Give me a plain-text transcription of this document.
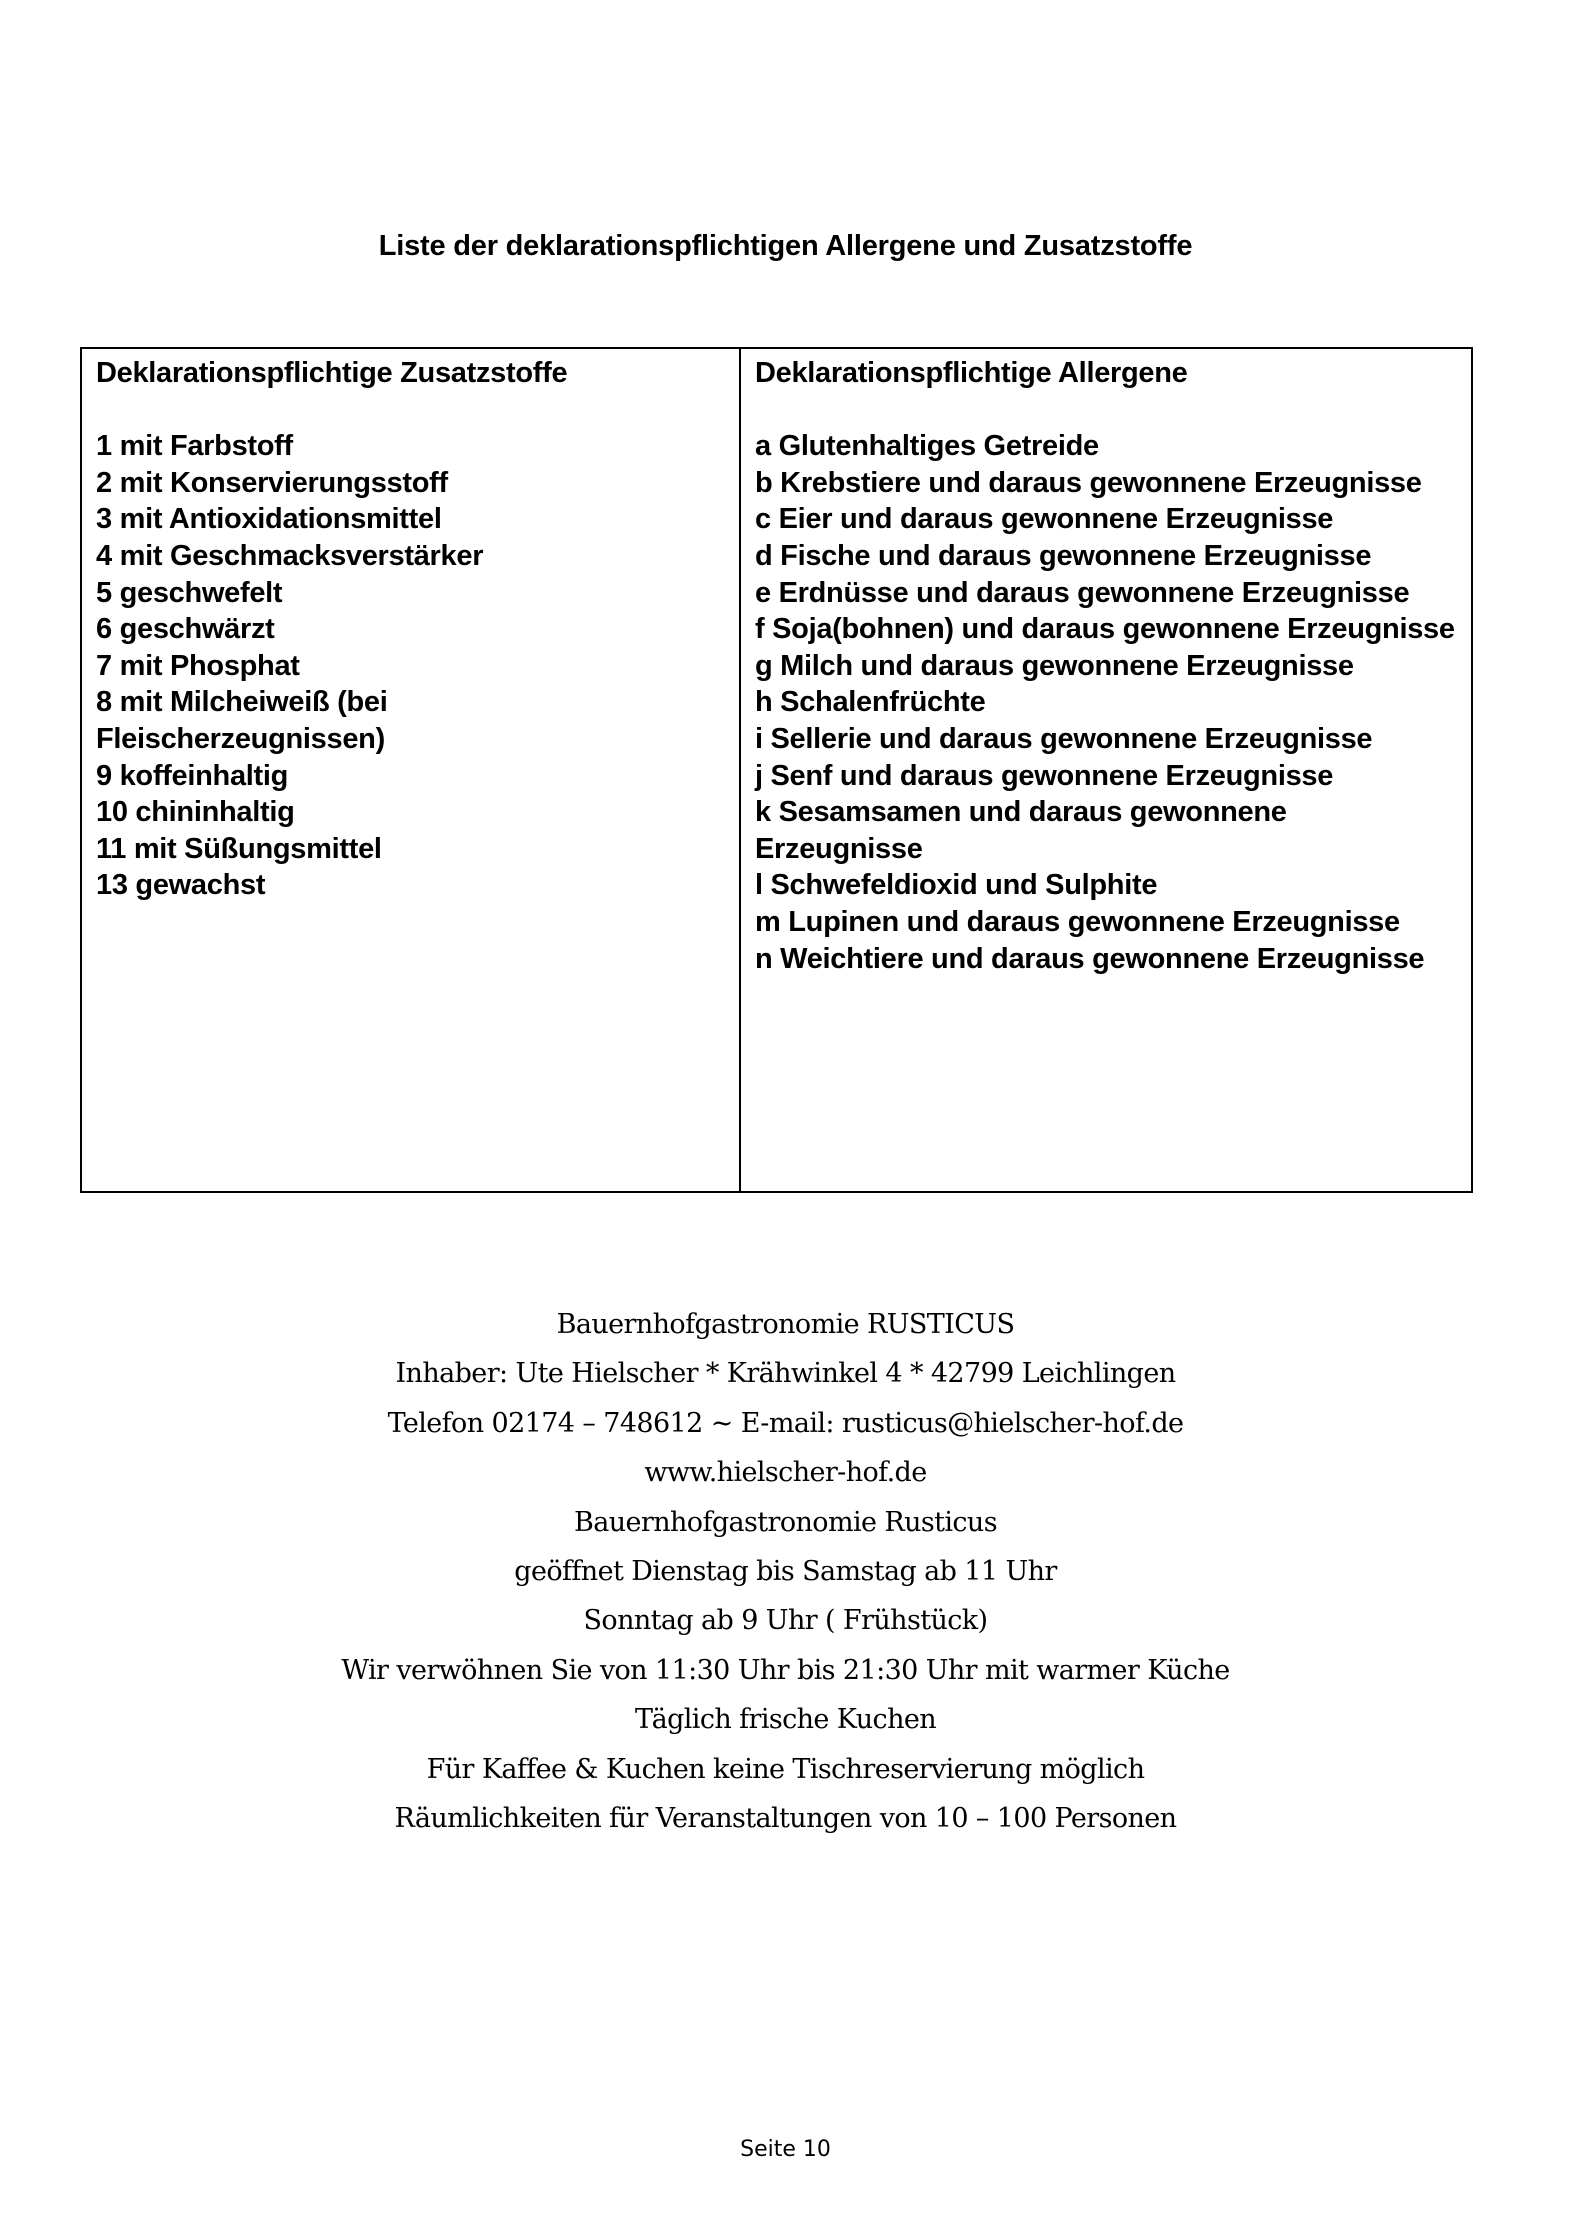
Liste der deklarationspflichtigen Allergene und Zusatzstoffe
Deklarationspflichtige Zusatzstoffe
1 mit Farbstoff
2 mit Konservierungsstoff
3 mit Antioxidationsmittel
4 mit Geschmacksverstärker
5 geschwefelt
6 geschwärzt
7 mit Phosphat
8 mit Milcheiweiß (bei Fleischerzeugnissen)
9 koffeinhaltig
10 chininhaltig
11 mit Süßungsmittel
13 gewachst
Deklarationspflichtige Allergene
a Glutenhaltiges Getreide
b Krebstiere und daraus gewonnene Erzeugnisse
c Eier und daraus gewonnene Erzeugnisse
d Fische und daraus gewonnene Erzeugnisse
e Erdnüsse und daraus gewonnene Erzeugnisse
f Soja(bohnen) und daraus gewonnene Erzeugnisse
g Milch und daraus gewonnene Erzeugnisse
h Schalenfrüchte
i Sellerie und daraus gewonnene Erzeugnisse
j Senf und daraus gewonnene Erzeugnisse
k Sesamsamen und daraus gewonnene Erzeugnisse
l Schwefeldioxid und Sulphite
m Lupinen und daraus gewonnene Erzeugnisse
n Weichtiere und daraus gewonnene Erzeugnisse
Bauernhofgastronomie RUSTICUS
Inhaber: Ute Hielscher * Krähwinkel 4 * 42799 Leichlingen
Telefon 02174 – 748612 ~ E-mail: rusticus@hielscher-hof.de
www.hielscher-hof.de
Bauernhofgastronomie Rusticus
geöffnet Dienstag bis Samstag ab 11 Uhr
Sonntag ab 9 Uhr ( Frühstück)
Wir verwöhnen Sie von 11:30 Uhr bis 21:30 Uhr mit warmer Küche
Täglich frische Kuchen
Für Kaffee & Kuchen keine Tischreservierung möglich
Räumlichkeiten für Veranstaltungen von 10 – 100 Personen
Seite 10
